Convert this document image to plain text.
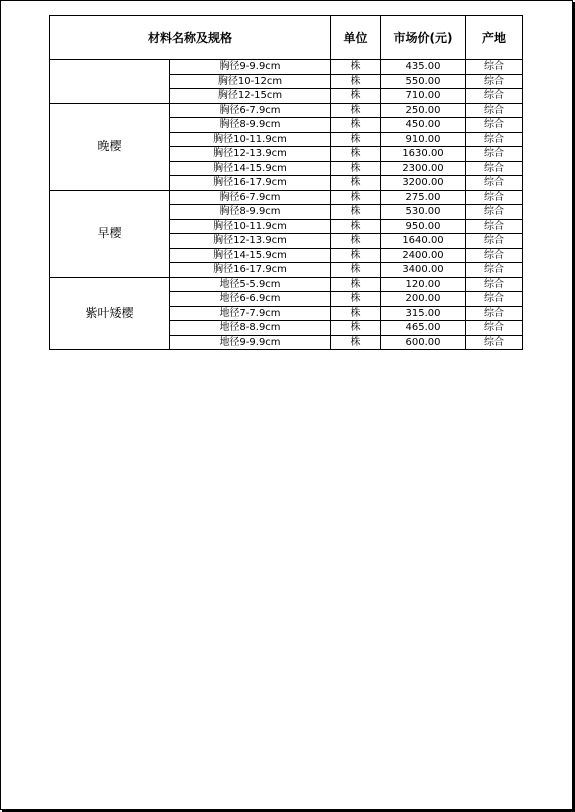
材料名称及规格		单位	市场价(元)	产地
	胸径9-9.9cm	株	435.00	综合
	胸径10-12cm	株	550.00	综合
	胸径12-15cm	株	710.00	综合
晚樱	胸径6-7.9cm	株	250.00	综合
	胸径8-9.9cm	株	450.00	综合
	胸径10-11.9cm	株	910.00	综合
	胸径12-13.9cm	株	1630.00	综合
	胸径14-15.9cm	株	2300.00	综合
	胸径16-17.9cm	株	3200.00	综合
早樱	胸径6-7.9cm	株	275.00	综合
	胸径8-9.9cm	株	530.00	综合
	胸径10-11.9cm	株	950.00	综合
	胸径12-13.9cm	株	1640.00	综合
	胸径14-15.9cm	株	2400.00	综合
	胸径16-17.9cm	株	3400.00	综合
紫叶矮樱	地径5-5.9cm	株	120.00	综合
	地径6-6.9cm	株	200.00	综合
	地径7-7.9cm	株	315.00	综合
	地径8-8.9cm	株	465.00	综合
	地径9-9.9cm	株	600.00	综合
